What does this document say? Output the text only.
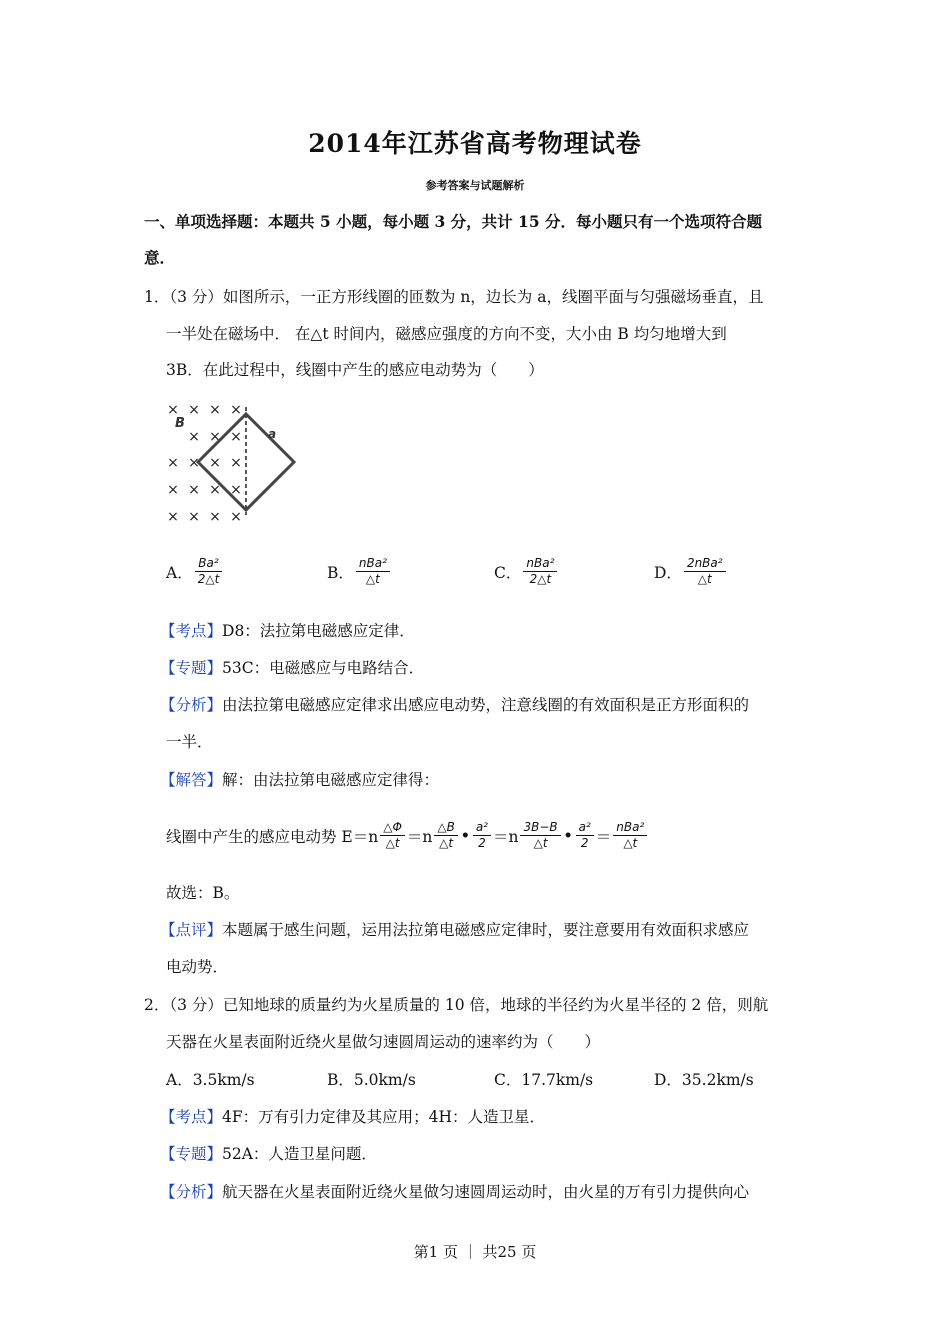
2014年江苏省高考物理试卷
参考答案与试题解析
一、单项选择题：本题共 5 小题，每小题 3 分，共计 15 分．每小题只有一个选项符合题
意．
1．（3 分）如图所示，一正方形线圈的匝数为 n，边长为 a，线圈平面与匀强磁场垂直，且
一半处在磁场中． 在△t 时间内，磁感应强度的方向不变，大小由 B 均匀地增大到
3B．在此过程中，线圈中产生的感应电动势为（　　）
× × × ×
× × ×
× × × ×
× × × ×
× × × ×
B
a
A． $\frac{\text{Ba²}}{2\triangle t}$	B． $\frac{\text{nBa²}}{\triangle t}$	C． $\frac{\text{nBa²}}{2\triangle t}$	D． $\frac{\text{2nBa²}}{\triangle t}$
【考点】D8：法拉第电磁感应定律．
【专题】53C：电磁感应与电路结合．
【分析】由法拉第电磁感应定律求出感应电动势，注意线圈的有效面积是正方形面积的
一半．
【解答】解：由法拉第电磁感应定律得：
线圈中产生的感应电动势 $E=n \frac{\triangle\Phi}{\triangle t} =n \frac{\triangle B}{\triangle t}$ • $\frac{\text{a²}}{2} =n \frac{3B-B}{\triangle t}$ • $\frac{\text{a²}}{2} = \frac{\text{nBa²}}{\triangle t}$
故选：B。
【点评】本题属于感生问题，运用法拉第电磁感应定律时，要注意要用有效面积求感应
电动势．
2．（3 分）已知地球的质量约为火星质量的 10 倍，地球的半径约为火星半径的 2 倍，则航
天器在火星表面附近绕火星做匀速圆周运动的速率约为（　　）
A．3.5km/s	B．5.0km/s	C．17.7km/s	D．35.2km/s
【考点】4F：万有引力定律及其应用；4H：人造卫星．
【专题】52A：人造卫星问题．
【分析】航天器在火星表面附近绕火星做匀速圆周运动时，由火星的万有引力提供向心
第1 页 ｜ 共25 页
